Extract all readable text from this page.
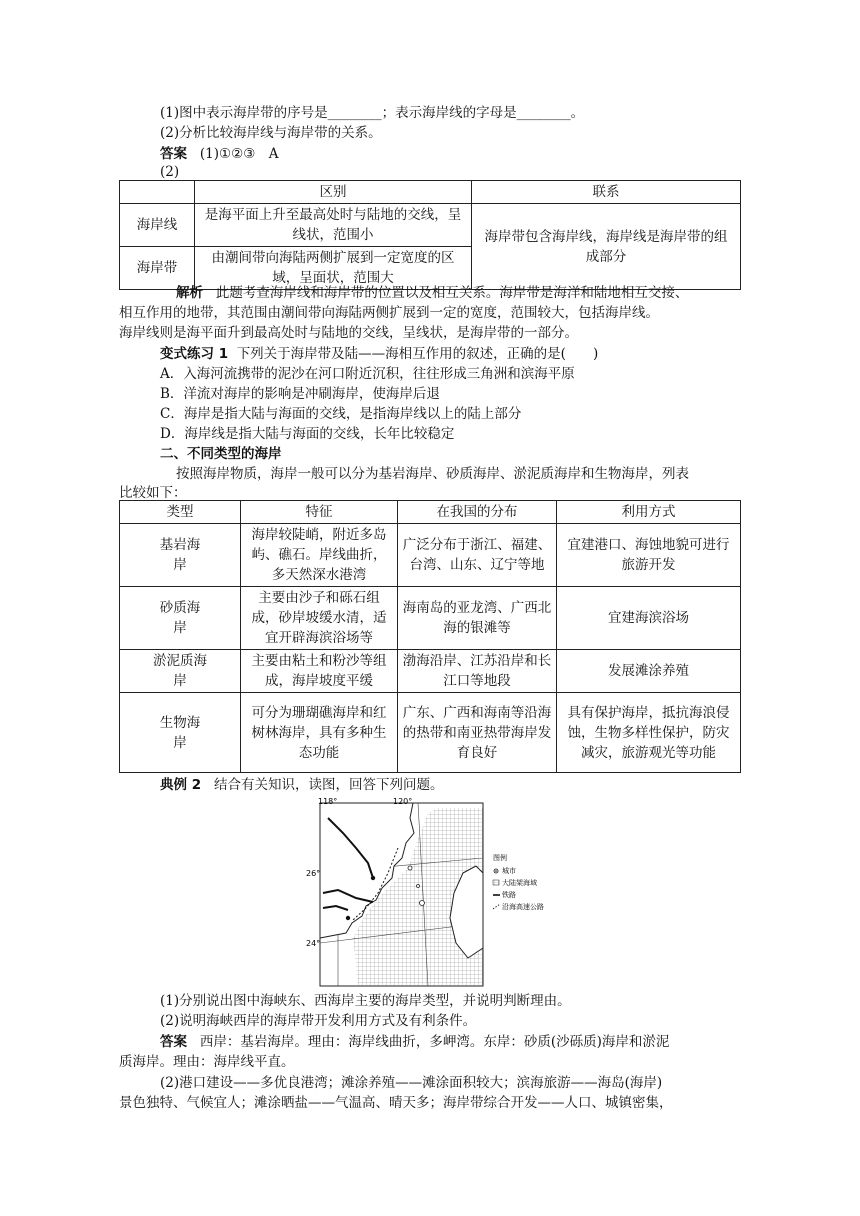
(1)图中表示海岸带的序号是________；表示海岸线的字母是________。
(2)分析比较海岸线与海岸带的关系。
答案 (1)①②③　A
(2)
	区别	联系
海岸线	是海平面上升至最高处时与陆地的交线，呈线状，范围小	海岸带包含海岸线，海岸线是海岸带的组成部分
海岸带	由潮间带向海陆两侧扩展到一定宽度的区域，呈面状，范围大	
解析 此题考查海岸线和海岸带的位置以及相互关系。海岸带是海洋和陆地相互交接、
相互作用的地带，其范围由潮间带向海陆两侧扩展到一定的宽度，范围较大，包括海岸线。
海岸线则是海平面升到最高处时与陆地的交线，呈线状，是海岸带的一部分。
变式练习 1 下列关于海岸带及陆——海相互作用的叙述，正确的是(　　)
A．入海河流携带的泥沙在河口附近沉积，往往形成三角洲和滨海平原
B．洋流对海岸的影响是冲刷海岸，使海岸后退
C．海岸是指大陆与海面的交线，是指海岸线以上的陆上部分
D．海岸线是指大陆与海面的交线，长年比较稳定
二、不同类型的海岸
按照海岸物质，海岸一般可以分为基岩海岸、砂质海岸、淤泥质海岸和生物海岸，列表
比较如下：
类型	特征	在我国的分布	利用方式
基岩海岸	海岸较陡峭，附近多岛屿、礁石。岸线曲折，多天然深水港湾	广泛分布于浙江、福建、台湾、山东、辽宁等地	宜建港口、海蚀地貌可进行旅游开发
砂质海岸	主要由沙子和砾石组成，砂岸坡缓水清，适宜开辟海滨浴场等	海南岛的亚龙湾、广西北海的银滩等	宜建海滨浴场
淤泥质海岸	主要由粘土和粉沙等组成，海岸坡度平缓	渤海沿岸、江苏沿岸和长江口等地段	发展滩涂养殖
生物海岸	可分为珊瑚礁海岸和红树林海岸，具有多种生态功能	广东、广西和海南等沿海的热带和南亚热带海岸发育良好	具有保护海岸，抵抗海浪侵蚀，生物多样性保护，防灾减灾，旅游观光等功能
典例 2 结合有关知识，读图，回答下列问题。
118°	120°
26°
24°
图例
城市
大陆架海域
铁路
沿海高速公路
(1)分别说出图中海峡东、西海岸主要的海岸类型，并说明判断理由。
(2)说明海峡西岸的海岸带开发利用方式及有利条件。
答案 西岸：基岩海岸。理由：海岸线曲折，多岬湾。东岸：砂质(沙砾质)海岸和淤泥
质海岸。理由：海岸线平直。
(2)港口建设——多优良港湾；滩涂养殖——滩涂面积较大；滨海旅游——海岛(海岸)
景色独特、气候宜人；滩涂晒盐——气温高、晴天多；海岸带综合开发——人口、城镇密集，
